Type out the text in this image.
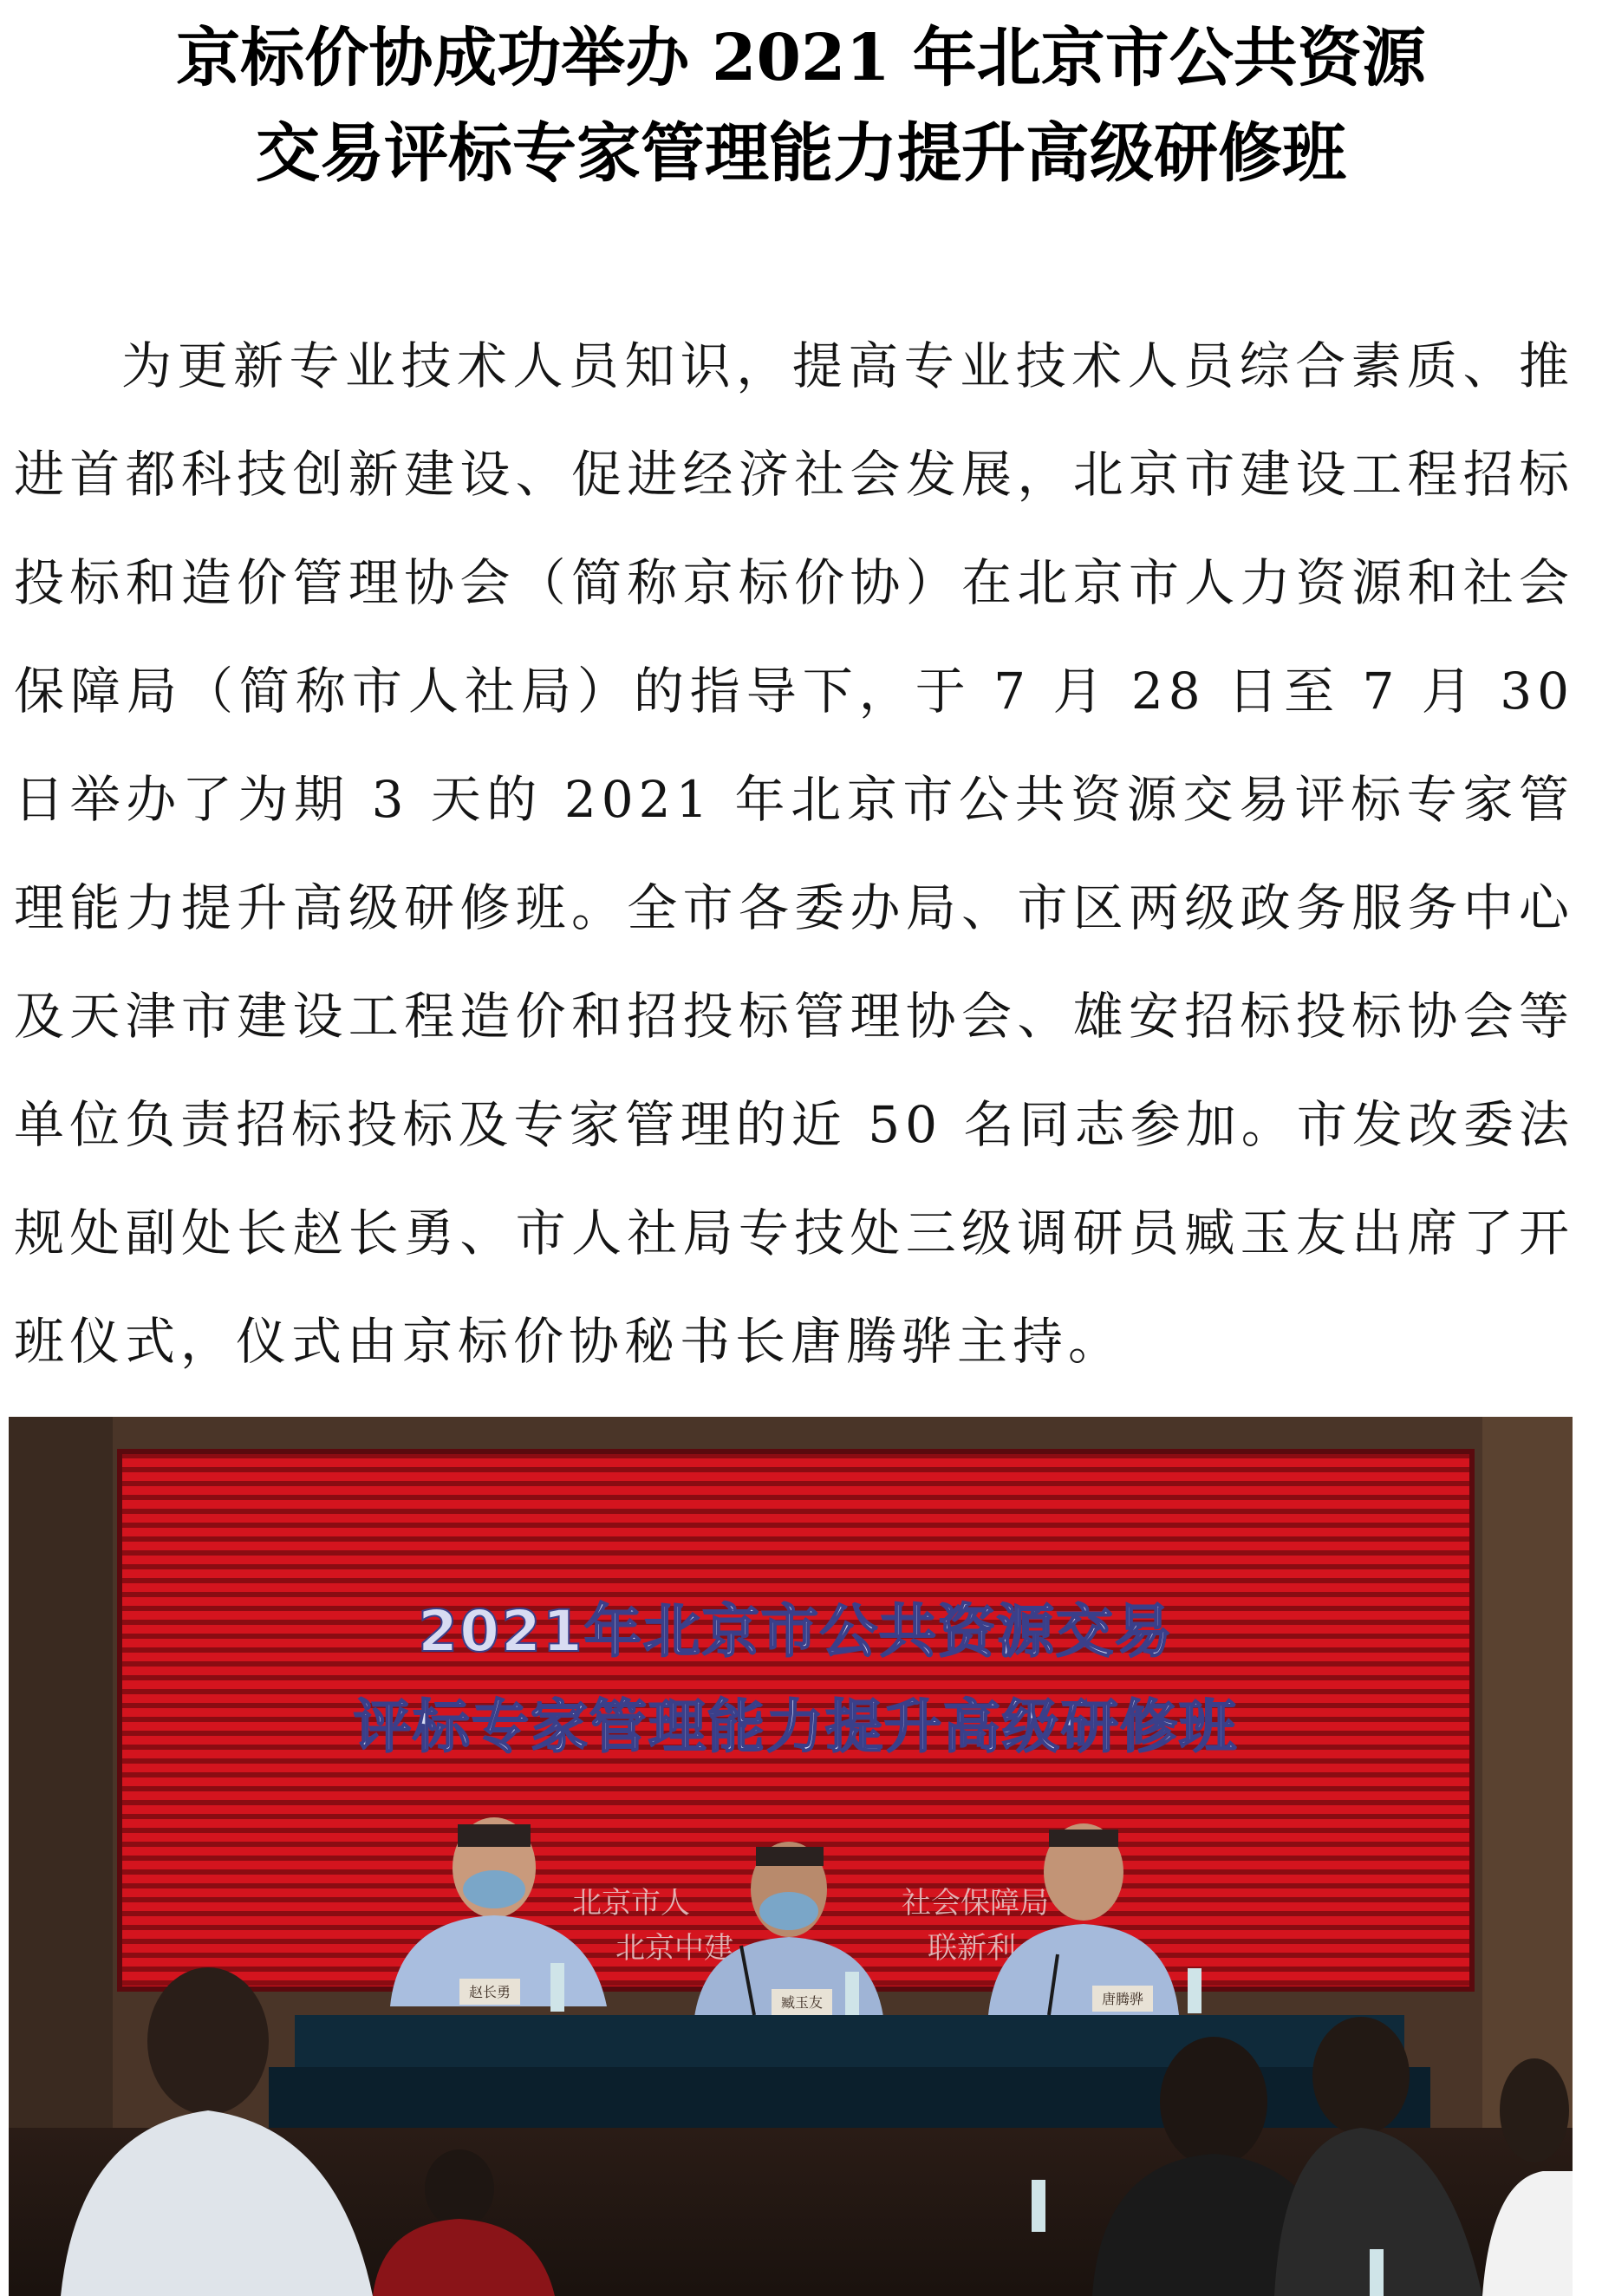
京标价协成功举办 2021 年北京市公共资源
交易评标专家管理能力提升高级研修班

为更新专业技术人员知识，提高专业技术人员综合素质、推进首都科技创新建设、促进经济社会发展，北京市建设工程招标投标和造价管理协会（简称京标价协）在北京市人力资源和社会保障局（简称市人社局）的指导下，于 7 月 28 日至 7 月 30 日举办了为期 3 天的 2021 年北京市公共资源交易评标专家管理能力提升高级研修班。全市各委办局、市区两级政务服务中心及天津市建设工程造价和招投标管理协会、雄安招标投标协会等单位负责招标投标及专家管理的近 50 名同志参加。市发改委法规处副处长赵长勇、市人社局专技处三级调研员臧玉友出席了开班仪式，仪式由京标价协秘书长唐腾骅主持。

2021年北京市公共资源交易
评标专家管理能力提升高级研修班
北京市人	社会保障局
北京中建	联新利
赵长勇
臧玉友	唐腾骅
